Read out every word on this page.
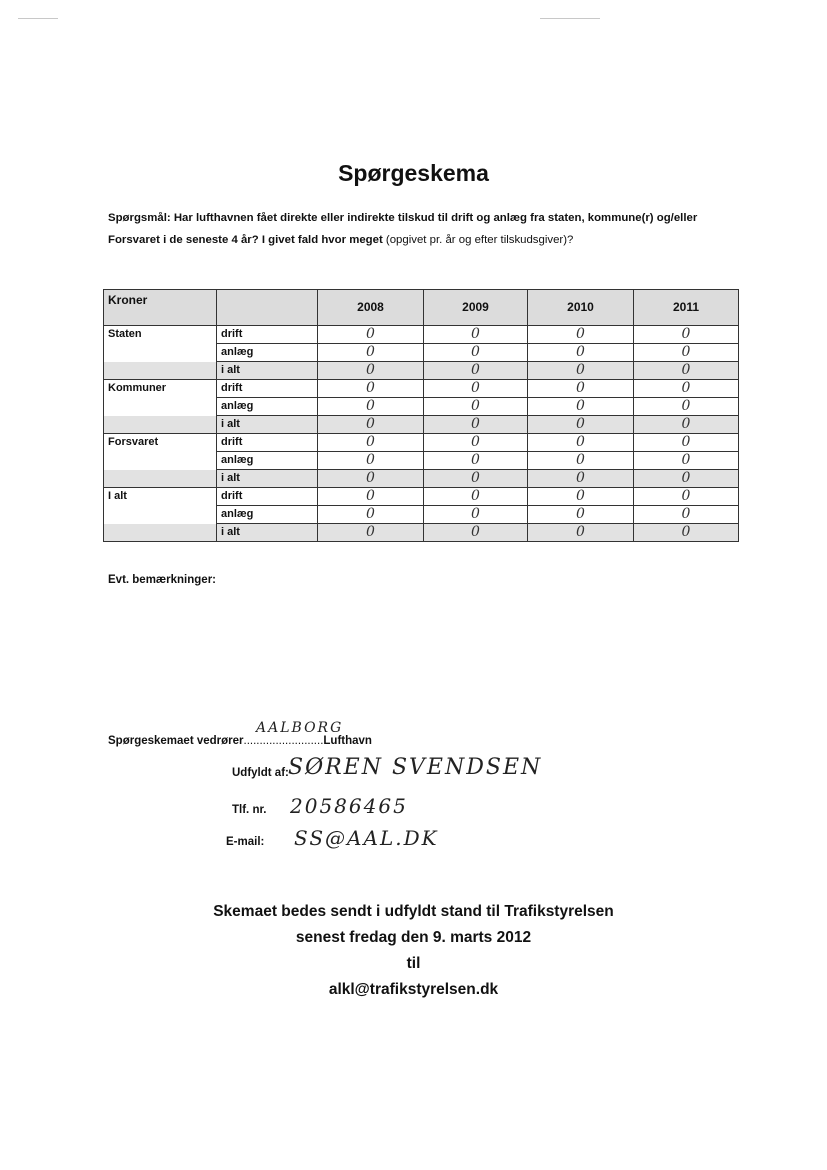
Spørgeskema
Spørgsmål: Har lufthavnen fået direkte eller indirekte tilskud til drift og anlæg fra staten, kommune(r) og/eller Forsvaret i de seneste 4 år? I givet fald hvor meget (opgivet pr. år og efter tilskudsgiver)?
Kroner		2008	2009	2010	2011
Staten	drift	0	0	0	0
	anlæg	0	0	0	0
	i alt	0	0	0	0
Kommuner	drift	0	0	0	0
	anlæg	0	0	0	0
	i alt	0	0	0	0
Forsvaret	drift	0	0	0	0
	anlæg	0	0	0	0
	i alt	0	0	0	0
I alt	drift	0	0	0	0
	anlæg	0	0	0	0
	i alt	0	0	0	0
Evt. bemærkninger:
Spørgeskemaet vedrører.........................Lufthavn
AALBORG
Udfyldt af: SØREN SVENDSEN
Tlf. nr. 20586465
E-mail: SS@AAL.DK
Skemaet bedes sendt i udfyldt stand til Trafikstyrelsen
senest fredag den 9. marts 2012
til
alkl@trafikstyrelsen.dk
